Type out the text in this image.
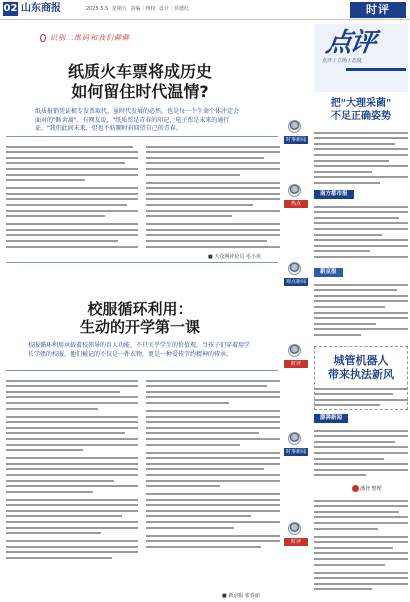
02 山东商报	2025.5.5 星期五 责编｜蒋权 设计｜侯德红	时评
识别二维码和我们聊聊
纸质火车票将成历史
如何留住时代温情?
纸质报销凭证根专发票取代，虽时代发展的必然，也是每一个生命个体注定会面对的"断舍离"。有网友说，"纸质票是青春的印记，电子票是未来的通行证。"我们此间未来，但也不妨顺时封回望自己的青春。
■ 大众网评论员 毛小英
校服循环利用：
生动的开学第一课
校服循环利用承载着校领导的育人功能，不只关乎学生的价值观，当孩子们穿着用学长学姐的校服，他们被记的不仅是一件衣物，更是一种爱传节约精神的传承。
■ 新京报 张春丽
时事新闻
热点
观点新闻
时评
时事新闻
时评
点评
点评 / 立场 / 态度
把"大理采菌"
不足正确姿势
南方都市报
新京报
城管机器人
带来执法新风
澎湃新闻
潘登 整理
